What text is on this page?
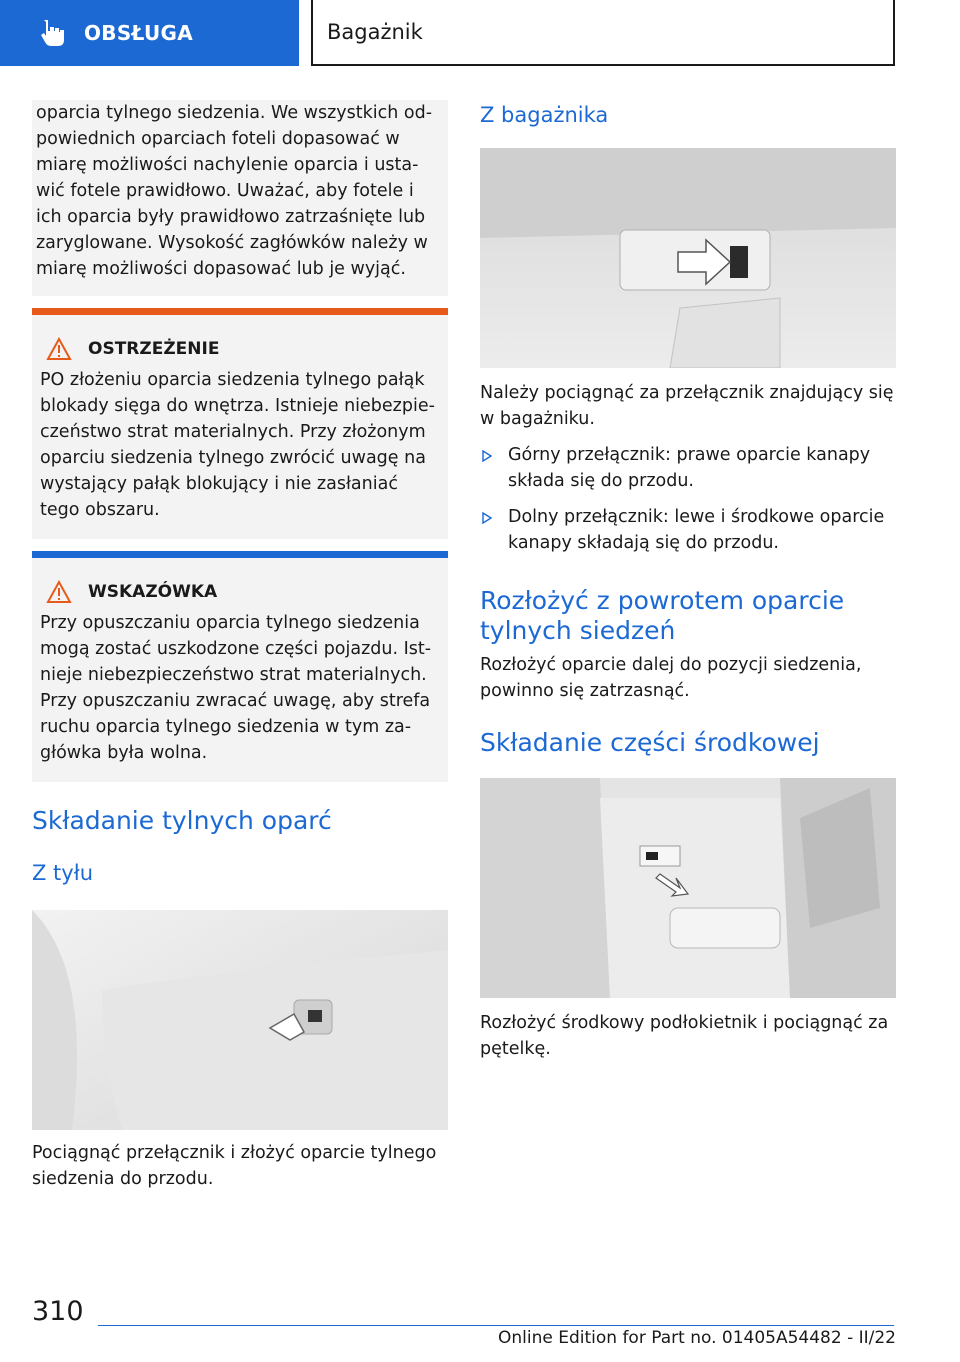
OBSŁUGA	Bagażnik

oparcia tylnego siedzenia. We wszystkich od‐powiednich oparciach foteli dopasować w miarę możliwości nachylenie oparcia i usta‐wić fotele prawidłowo. Uważać, aby fotele i ich oparcia były prawidłowo zatrzaśnięte lub zaryglowane. Wysokość zagłówków należy w miarę możliwości dopasować lub je wyjąć.

OSTRZEŻENIE

PO złożeniu oparcia siedzenia tylnego pałąk blokady sięga do wnętrza. Istnieje niebezpie‐czeństwo strat materialnych. Przy złożonym oparciu siedzenia tylnego zwrócić uwagę na wystający pałąk blokujący i nie zasłaniać tego obszaru.

WSKAZÓWKA

Przy opuszczaniu oparcia tylnego siedzenia mogą zostać uszkodzone części pojazdu. Ist‐nieje niebezpieczeństwo strat materialnych. Przy opuszczaniu zwracać uwagę, aby strefa ruchu oparcia tylnego siedzenia w tym za‐główka była wolna.

Składanie tylnych oparć
Z tyłu

Pociągnąć przełącznik i złożyć oparcie tylnego siedzenia do przodu.

Z bagażnika

Należy pociągnąć za przełącznik znajdujący się w bagażniku.

Górny przełącznik: prawe oparcie kanapy składa się do przodu.
Dolny przełącznik: lewe i środkowe oparcie kanapy składają się do przodu.
Rozłożyć z powrotem oparcie tylnych siedzeń

Rozłożyć oparcie dalej do pozycji siedzenia, powinno się zatrzasnąć.

Składanie części środkowej

Rozłożyć środkowy podłokietnik i pociągnąć za pętelkę.

310
Online Edition for Part no. 01405A54482 - II/22
